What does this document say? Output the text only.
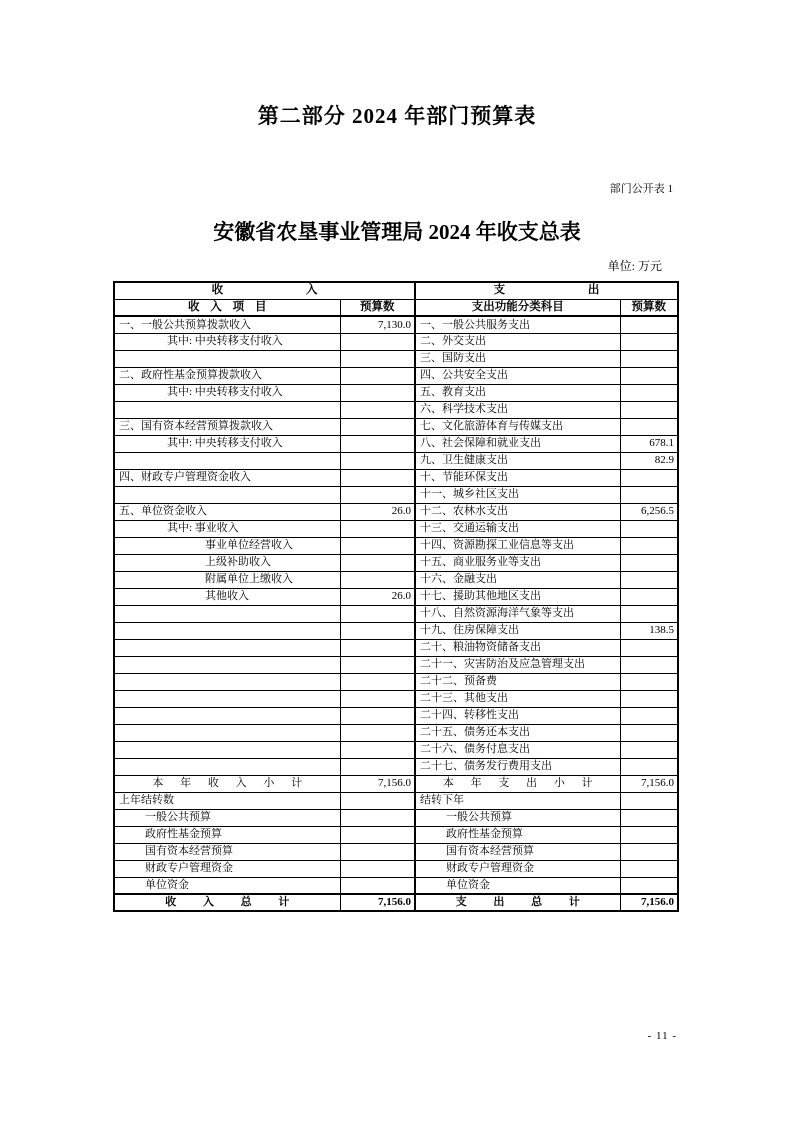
第二部分 2024 年部门预算表
部门公开表 1
安徽省农垦事业管理局 2024 年收支总表
单位: 万元
收 入		支 出	
收 入 项 目	预算数	支出功能分类科目	预算数
一、一般公共预算拨款收入	7,130.0	一、一般公共服务支出	
其中: 中央转移支付收入		二、外交支出	
		三、国防支出	
二、政府性基金预算拨款收入		四、公共安全支出	
其中: 中央转移支付收入		五、教育支出	
		六、科学技术支出	
三、国有资本经营预算拨款收入		七、文化旅游体育与传媒支出	
其中: 中央转移支付收入		八、社会保障和就业支出	678.1
		九、卫生健康支出	82.9
四、财政专户管理资金收入		十、节能环保支出	
		十一、城乡社区支出	
五、单位资金收入	26.0	十二、农林水支出	6,256.5
其中: 事业收入		十三、交通运输支出	
事业单位经营收入		十四、资源勘探工业信息等支出	
上级补助收入		十五、商业服务业等支出	
附属单位上缴收入		十六、金融支出	
其他收入	26.0	十七、援助其他地区支出	
		十八、自然资源海洋气象等支出	
		十九、住房保障支出	138.5
		二十、粮油物资储备支出	
		二十一、灾害防治及应急管理支出	
		二十二、预备费	
		二十三、其他支出	
		二十四、转移性支出	
		二十五、债务还本支出	
		二十六、债务付息支出	
		二十七、债务发行费用支出	
本 年 收 入 小 计	7,156.0	本 年 支 出 小 计	7,156.0
上年结转数		结转下年	
一般公共预算		一般公共预算	
政府性基金预算		政府性基金预算	
国有资本经营预算		国有资本经营预算	
财政专户管理资金		财政专户管理资金	
单位资金		单位资金	
收 入 总 计	7,156.0	支 出 总 计	7,156.0
- 11 -
